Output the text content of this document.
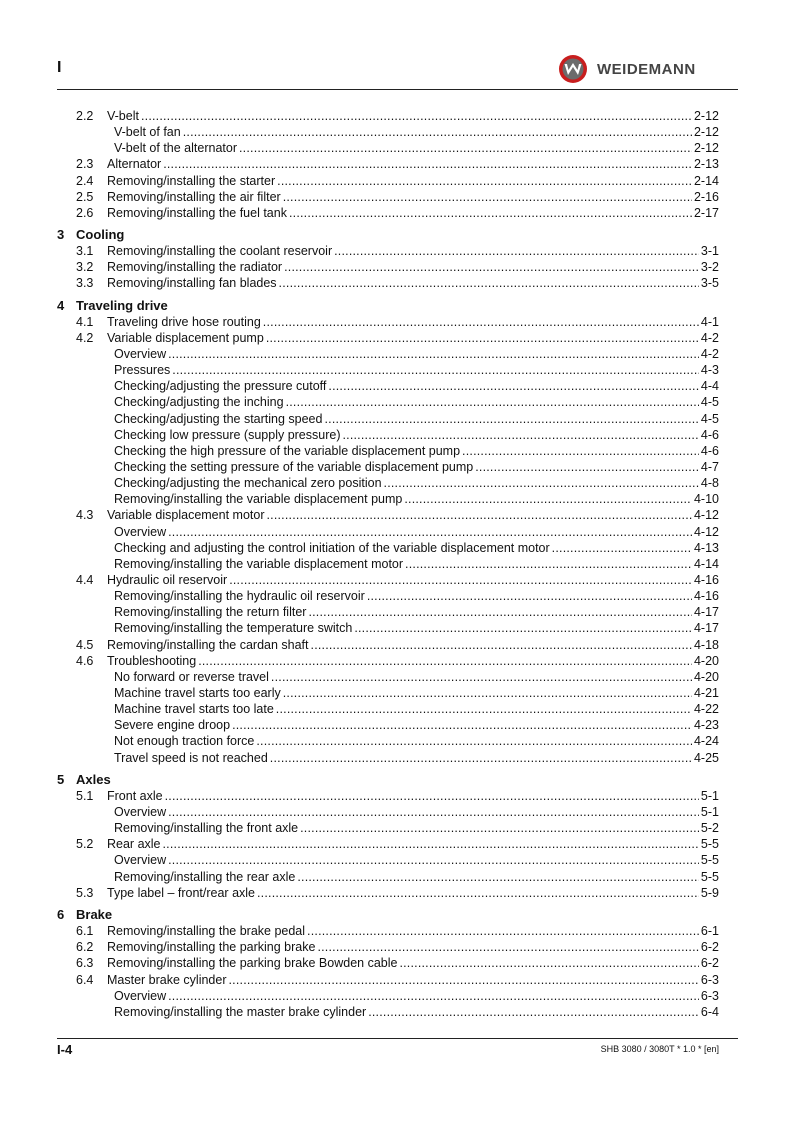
I	WEIDEMANN
2.2 V-belt .....	2-12
V-belt of fan .....	2-12
V-belt of the alternator .....	2-12
2.3 Alternator .....	2-13
2.4 Removing/installing the starter .....	2-14
2.5 Removing/installing the air filter .....	2-16
2.6 Removing/installing the fuel tank .....	2-17
3 Cooling
3.1 Removing/installing the coolant reservoir .....	3-1
3.2 Removing/installing the radiator .....	3-2
3.3 Removing/installing fan blades .....	3-5
4 Traveling drive
4.1 Traveling drive hose routing .....	4-1
4.2 Variable displacement pump .....	4-2
Overview .....	4-2
Pressures .....	4-3
Checking/adjusting the pressure cutoff .....	4-4
Checking/adjusting the inching .....	4-5
Checking/adjusting the starting speed .....	4-5
Checking low pressure (supply pressure) .....	4-6
Checking the high pressure of the variable displacement pump .....	4-6
Checking the setting pressure of the variable displacement pump .....	4-7
Checking/adjusting the mechanical zero position .....	4-8
Removing/installing the variable displacement pump .....	4-10
4.3 Variable displacement motor .....	4-12
Overview .....	4-12
Checking and adjusting the control initiation of the variable displacement motor .....	4-13
Removing/installing the variable displacement motor .....	4-14
4.4 Hydraulic oil reservoir .....	4-16
Removing/installing the hydraulic oil reservoir .....	4-16
Removing/installing the return filter .....	4-17
Removing/installing the temperature switch .....	4-17
4.5 Removing/installing the cardan shaft .....	4-18
4.6 Troubleshooting .....	4-20
No forward or reverse travel .....	4-20
Machine travel starts too early .....	4-21
Machine travel starts too late .....	4-22
Severe engine droop .....	4-23
Not enough traction force .....	4-24
Travel speed is not reached .....	4-25
5 Axles
5.1 Front axle .....	5-1
Overview .....	5-1
Removing/installing the front axle .....	5-2
5.2 Rear axle .....	5-5
Overview .....	5-5
Removing/installing the rear axle .....	5-5
5.3 Type label – front/rear axle .....	5-9
6 Brake
6.1 Removing/installing the brake pedal .....	6-1
6.2 Removing/installing the parking brake .....	6-2
6.3 Removing/installing the parking brake Bowden cable .....	6-2
6.4 Master brake cylinder .....	6-3
Overview .....	6-3
Removing/installing the master brake cylinder .....	6-4
I-4	SHB 3080 / 3080T * 1.0 * [en]
